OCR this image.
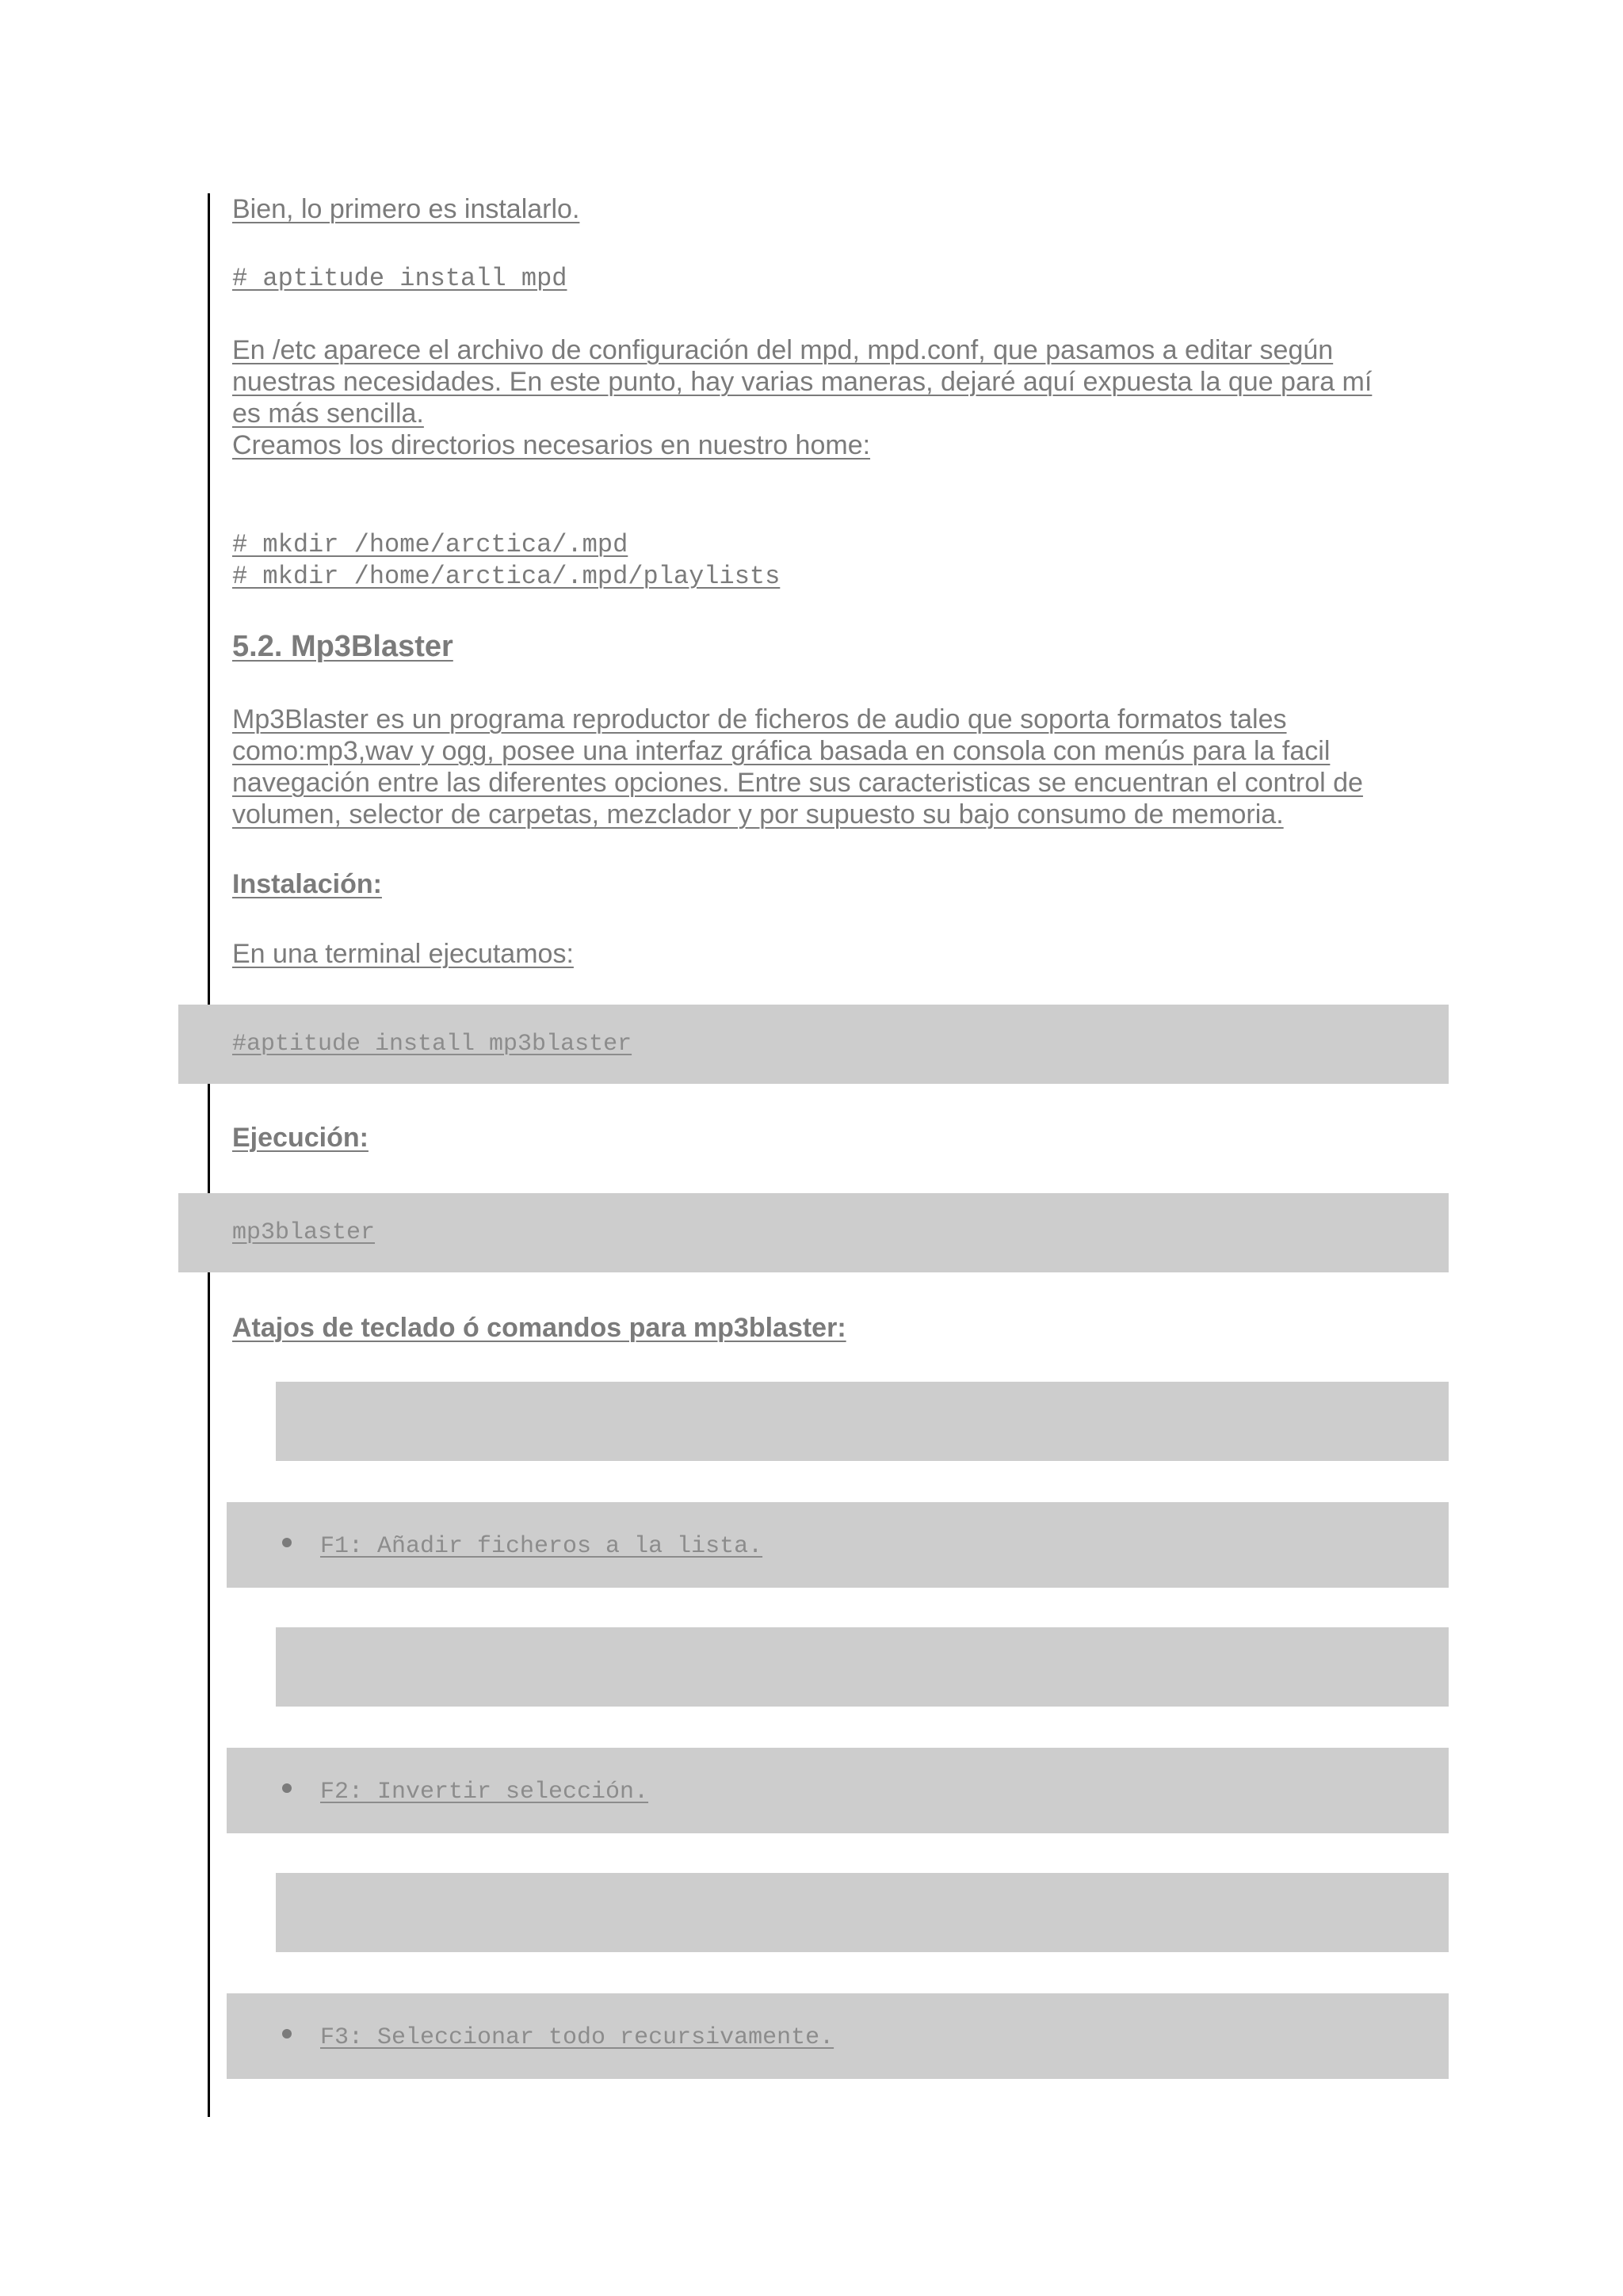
Bien, lo primero es instalarlo.
# aptitude install mpd
En /etc aparece el archivo de configuración del mpd, mpd.conf, que pasamos a editar según
nuestras necesidades. En este punto, hay varias maneras, dejaré aquí expuesta la que para mí
es más sencilla.
Creamos los directorios necesarios en nuestro home:
# mkdir /home/arctica/.mpd
# mkdir /home/arctica/.mpd/playlists
5.2. Mp3Blaster
Mp3Blaster es un programa reproductor de ficheros de audio que soporta formatos tales
como:mp3,wav y ogg, posee una interfaz gráfica basada en consola con menús para la facil
navegación entre las diferentes opciones. Entre sus caracteristicas se encuentran el control de
volumen, selector de carpetas, mezclador y por supuesto su bajo consumo de memoria.
Instalación:
En una terminal ejecutamos:
#aptitude install mp3blaster
Ejecución:
mp3blaster
Atajos de teclado ó comandos para mp3blaster:
F1: Añadir ficheros a la lista.
F2: Invertir selección.
F3: Seleccionar todo recursivamente.
